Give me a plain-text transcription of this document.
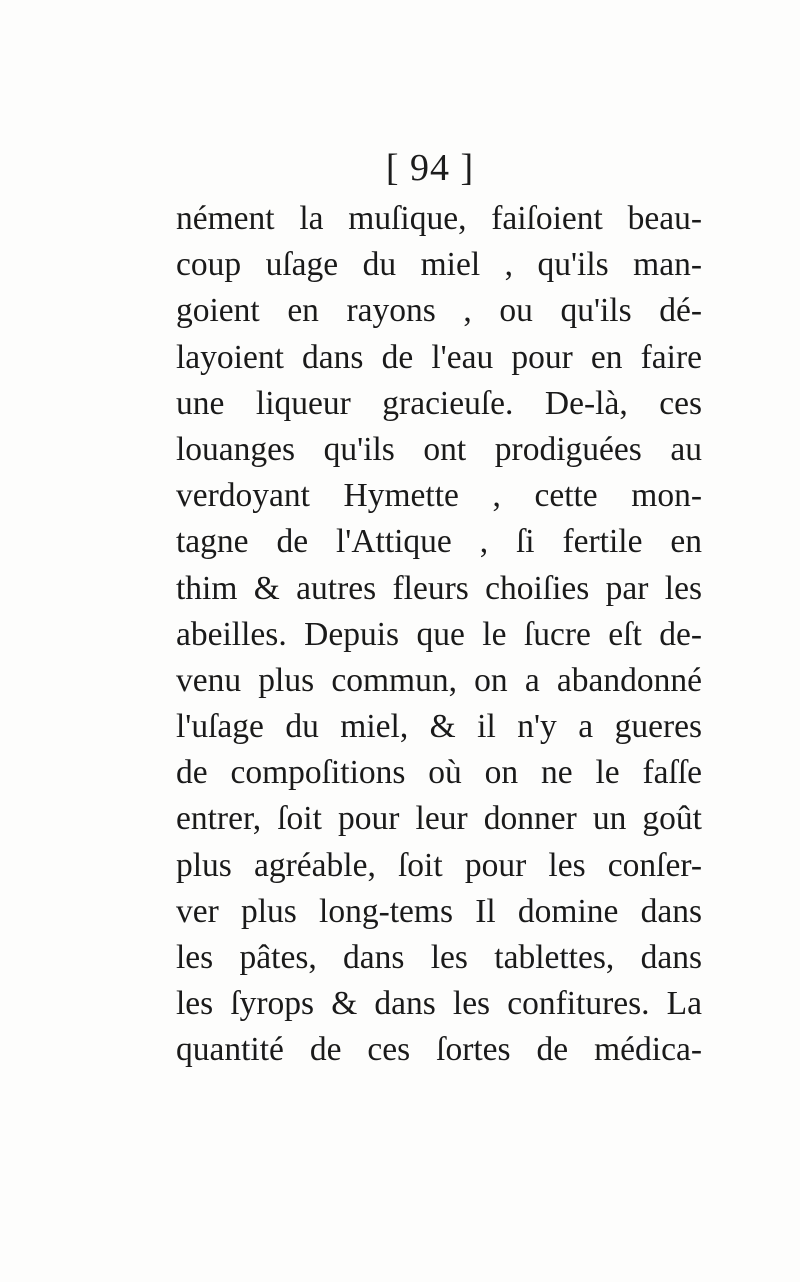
[ 94 ]
nément la muſique, faiſoient beau-
coup uſage du miel , qu'ils man-
goient en rayons , ou qu'ils dé-
layoient dans de l'eau pour en faire
une liqueur gracieuſe. De-là, ces
louanges qu'ils ont prodiguées au
verdoyant Hymette , cette mon-
tagne de l'Attique , ſi fertile en
thim & autres fleurs choiſies par les
abeilles. Depuis que le ſucre eſt de-
venu plus commun, on a abandonné
l'uſage du miel, & il n'y a gueres
de compoſitions où on ne le faſſe
entrer, ſoit pour leur donner un goût
plus agréable, ſoit pour les conſer-
ver plus long-tems Il domine dans
les pâtes, dans les tablettes, dans
les ſyrops & dans les confitures. La
quantité de ces ſortes de médica-
